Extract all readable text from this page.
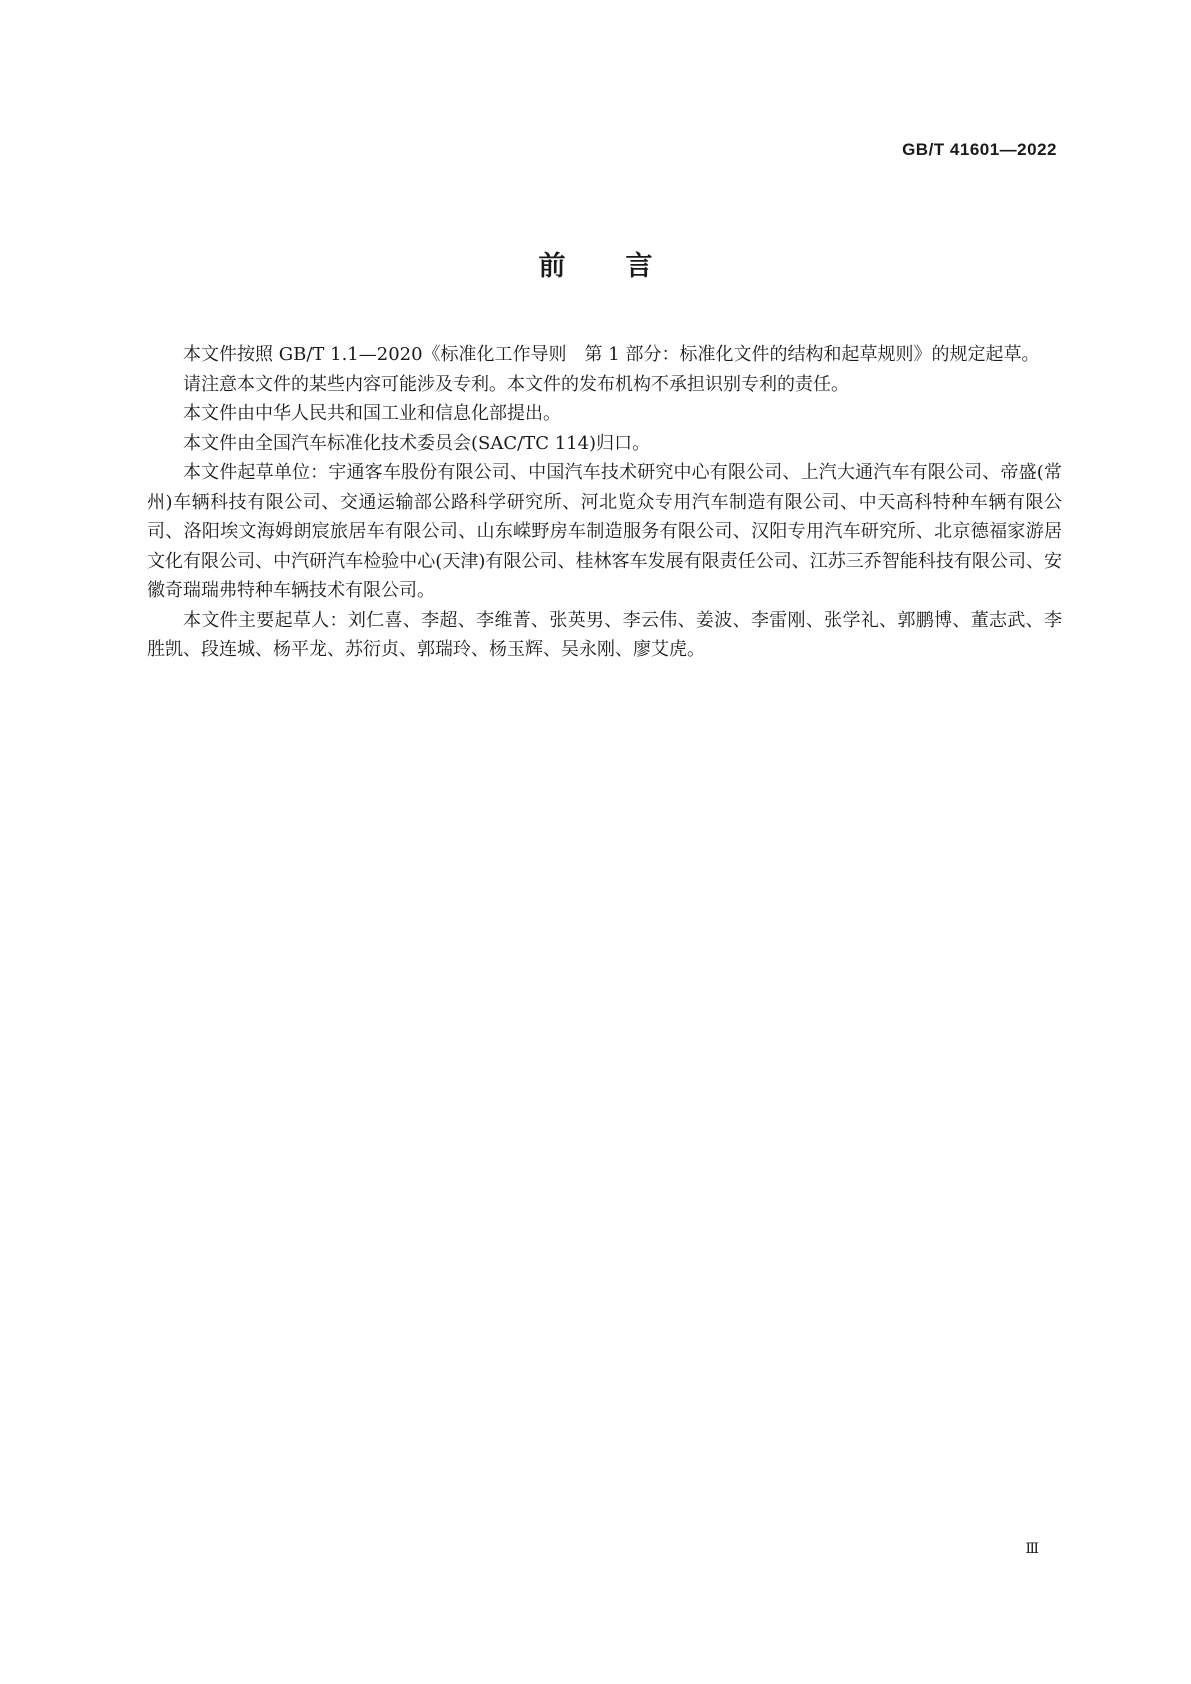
GB/T 41601—2022
前言

本文件按照 GB/T 1.1—2020《标准化工作导则　第 1 部分：标准化文件的结构和起草规则》的规定起草。

请注意本文件的某些内容可能涉及专利。本文件的发布机构不承担识别专利的责任。

本文件由中华人民共和国工业和信息化部提出。

本文件由全国汽车标准化技术委员会(SAC/TC 114)归口。

本文件起草单位：宇通客车股份有限公司、中国汽车技术研究中心有限公司、上汽大通汽车有限公司、帝盛(常州)车辆科技有限公司、交通运输部公路科学研究所、河北览众专用汽车制造有限公司、中天高科特种车辆有限公司、洛阳埃文海姆朗宸旅居车有限公司、山东嵘野房车制造服务有限公司、汉阳专用汽车研究所、北京德福家游居文化有限公司、中汽研汽车检验中心(天津)有限公司、桂林客车发展有限责任公司、江苏三乔智能科技有限公司、安徽奇瑞瑞弗特种车辆技术有限公司。

本文件主要起草人：刘仁喜、李超、李维菁、张英男、李云伟、姜波、李雷刚、张学礼、郭鹏博、董志武、李胜凯、段连城、杨平龙、苏衍贞、郭瑞玲、杨玉辉、吴永刚、廖艾虎。

Ⅲ
